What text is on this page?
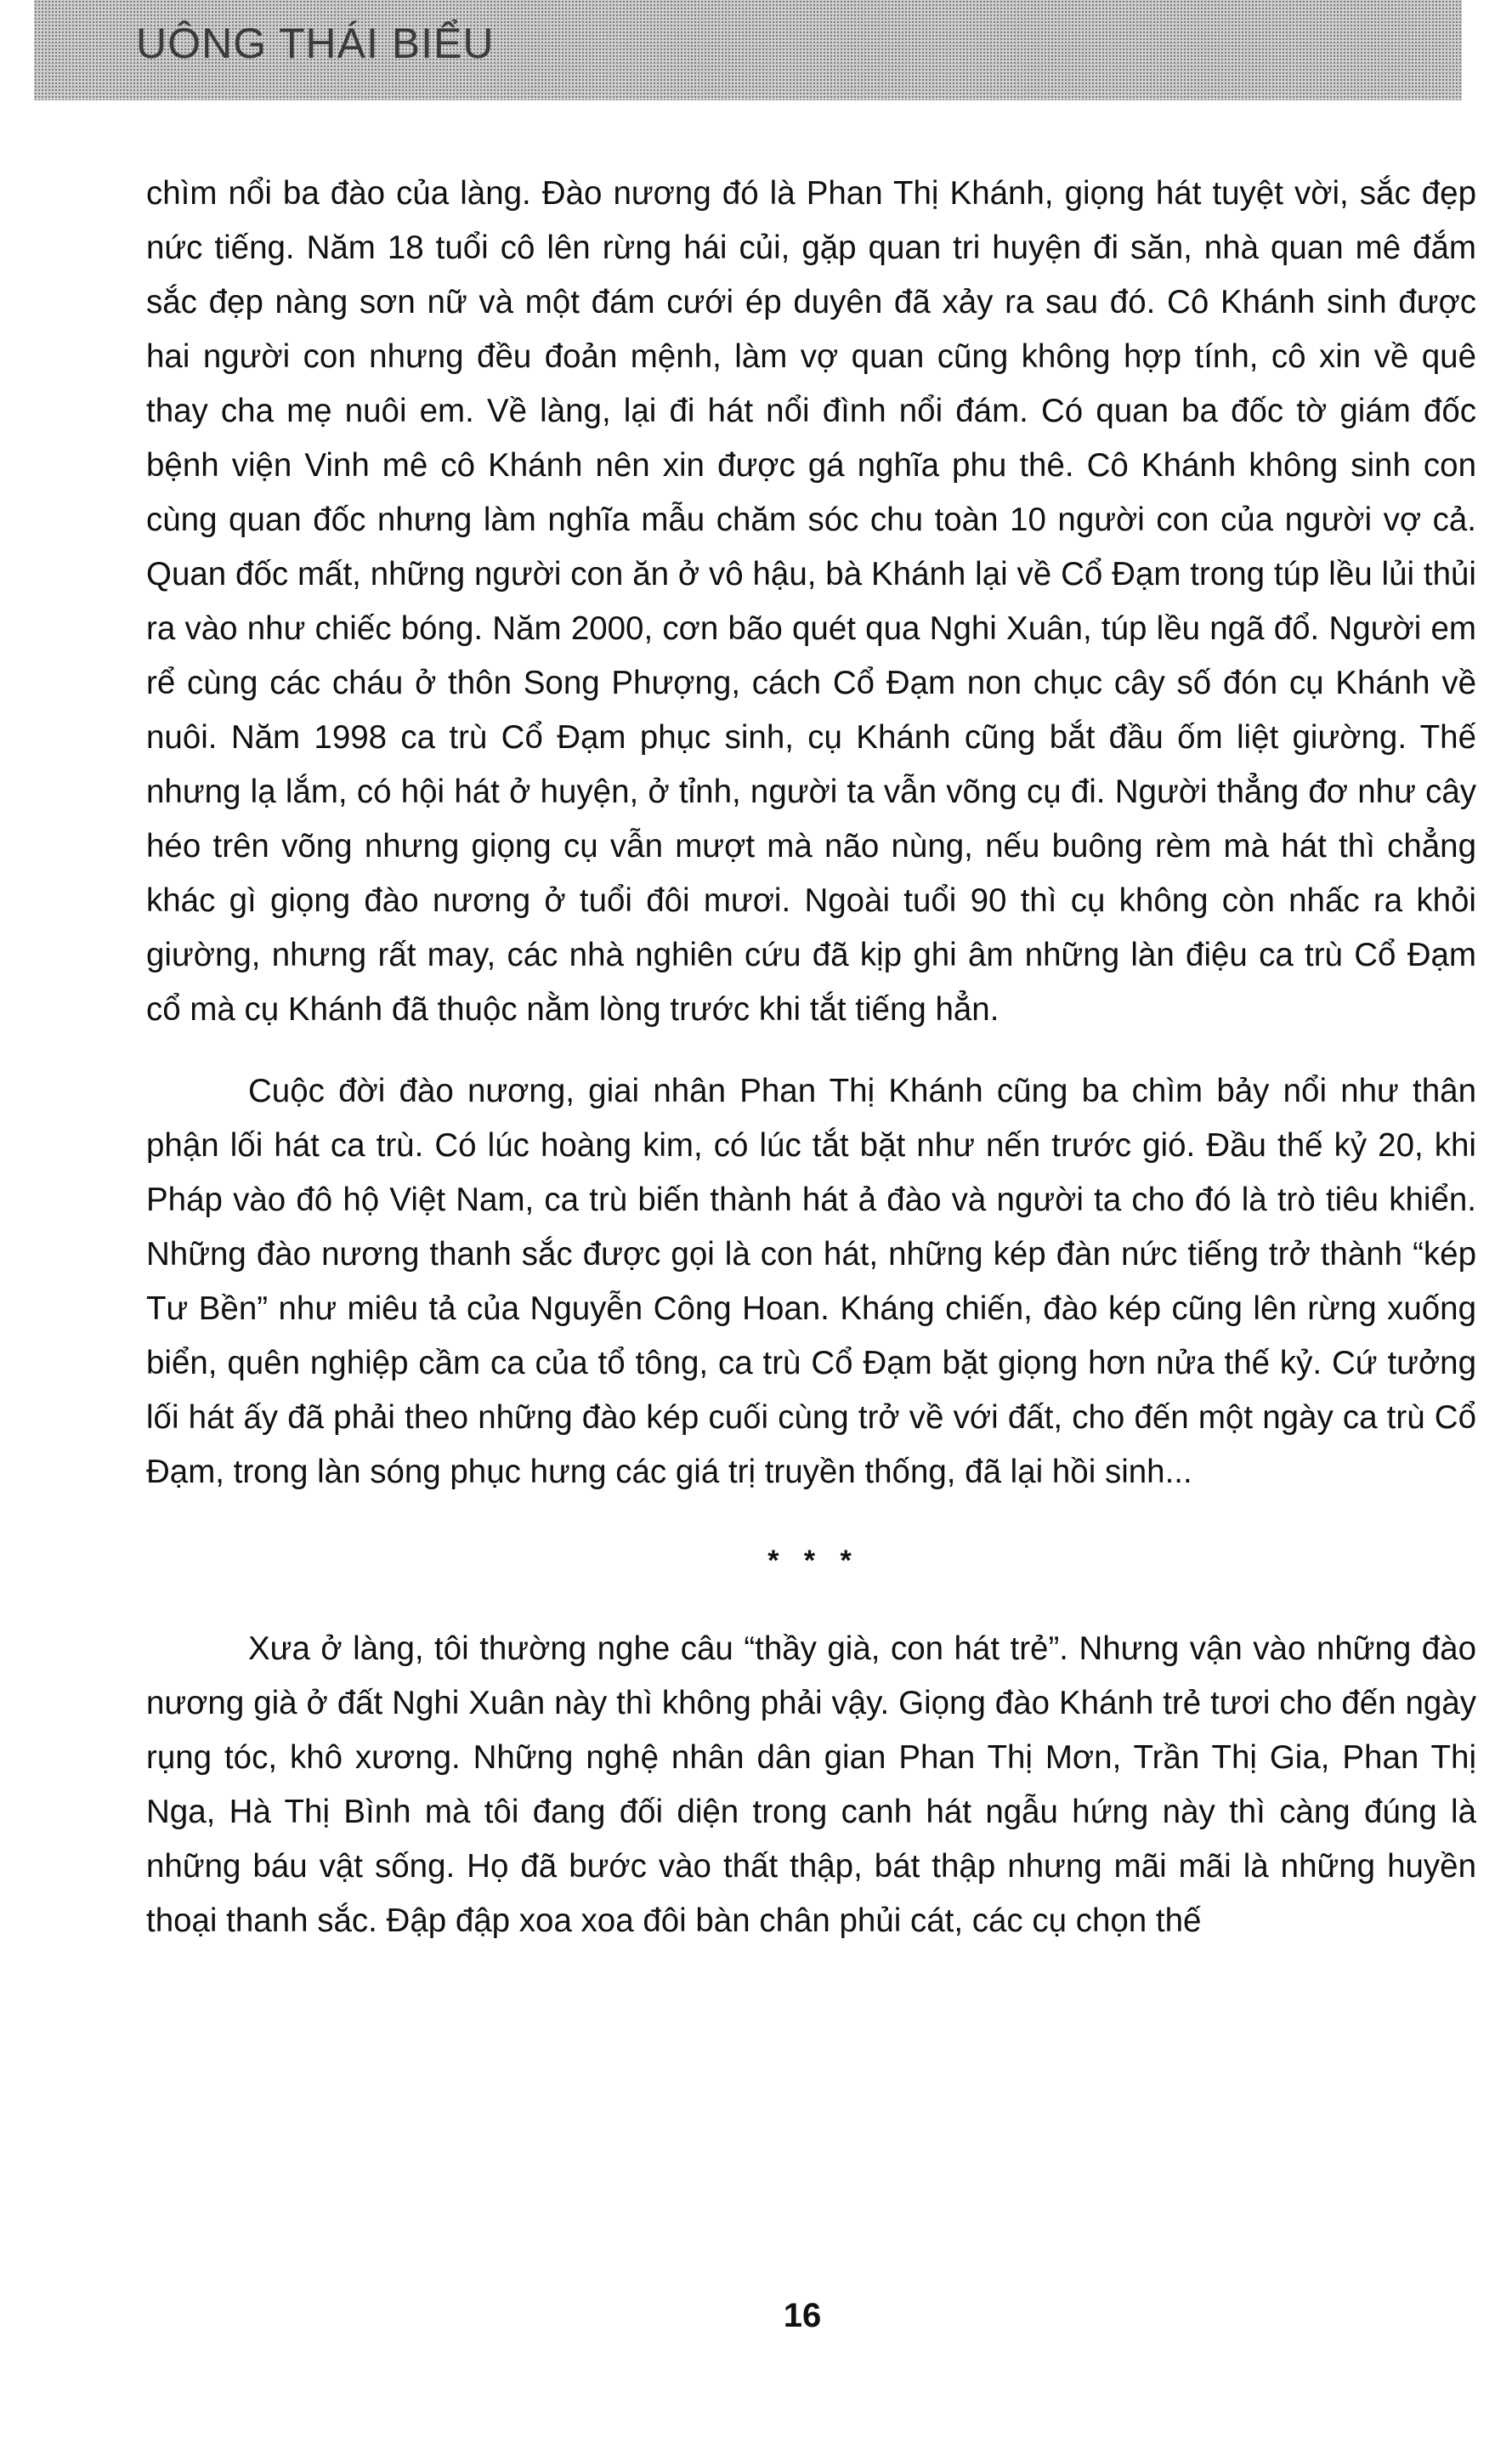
UÔNG THÁI BIỂU

chìm nổi ba đào của làng. Đào nương đó là Phan Thị Khánh, giọng hát tuyệt vời, sắc đẹp nức tiếng. Năm 18 tuổi cô lên rừng hái củi, gặp quan tri huyện đi săn, nhà quan mê đắm sắc đẹp nàng sơn nữ và một đám cưới ép duyên đã xảy ra sau đó. Cô Khánh sinh được hai người con nhưng đều đoản mệnh, làm vợ quan cũng không hợp tính, cô xin về quê thay cha mẹ nuôi em. Về làng, lại đi hát nổi đình nổi đám. Có quan ba đốc tờ giám đốc bệnh viện Vinh mê cô Khánh nên xin được gá nghĩa phu thê. Cô Khánh không sinh con cùng quan đốc nhưng làm nghĩa mẫu chăm sóc chu toàn 10 người con của người vợ cả. Quan đốc mất, những người con ăn ở vô hậu, bà Khánh lại về Cổ Đạm trong túp lều lủi thủi ra vào như chiếc bóng. Năm 2000, cơn bão quét qua Nghi Xuân, túp lều ngã đổ. Người em rể cùng các cháu ở thôn Song Phượng, cách Cổ Đạm non chục cây số đón cụ Khánh về nuôi. Năm 1998 ca trù Cổ Đạm phục sinh, cụ Khánh cũng bắt đầu ốm liệt giường. Thế nhưng lạ lắm, có hội hát ở huyện, ở tỉnh, người ta vẫn võng cụ đi. Người thẳng đơ như cây héo trên võng nhưng giọng cụ vẫn mượt mà não nùng, nếu buông rèm mà hát thì chẳng khác gì giọng đào nương ở tuổi đôi mươi. Ngoài tuổi 90 thì cụ không còn nhấc ra khỏi giường, nhưng rất may, các nhà nghiên cứu đã kịp ghi âm những làn điệu ca trù Cổ Đạm cổ mà cụ Khánh đã thuộc nằm lòng trước khi tắt tiếng hẳn.

Cuộc đời đào nương, giai nhân Phan Thị Khánh cũng ba chìm bảy nổi như thân phận lối hát ca trù. Có lúc hoàng kim, có lúc tắt bặt như nến trước gió. Đầu thế kỷ 20, khi Pháp vào đô hộ Việt Nam, ca trù biến thành hát ả đào và người ta cho đó là trò tiêu khiển. Những đào nương thanh sắc được gọi là con hát, những kép đàn nức tiếng trở thành “kép Tư Bền” như miêu tả của Nguyễn Công Hoan. Kháng chiến, đào kép cũng lên rừng xuống biển, quên nghiệp cầm ca của tổ tông, ca trù Cổ Đạm bặt giọng hơn nửa thế kỷ. Cứ tưởng lối hát ấy đã phải theo những đào kép cuối cùng trở về với đất, cho đến một ngày ca trù Cổ Đạm, trong làn sóng phục hưng các giá trị truyền thống, đã lại hồi sinh...

* * *

Xưa ở làng, tôi thường nghe câu “thầy già, con hát trẻ”. Nhưng vận vào những đào nương già ở đất Nghi Xuân này thì không phải vậy. Giọng đào Khánh trẻ tươi cho đến ngày rụng tóc, khô xương. Những nghệ nhân dân gian Phan Thị Mơn, Trần Thị Gia, Phan Thị Nga, Hà Thị Bình mà tôi đang đối diện trong canh hát ngẫu hứng này thì càng đúng là những báu vật sống. Họ đã bước vào thất thập, bát thập nhưng mãi mãi là những huyền thoại thanh sắc. Đập đập xoa xoa đôi bàn chân phủi cát, các cụ chọn thế

16
